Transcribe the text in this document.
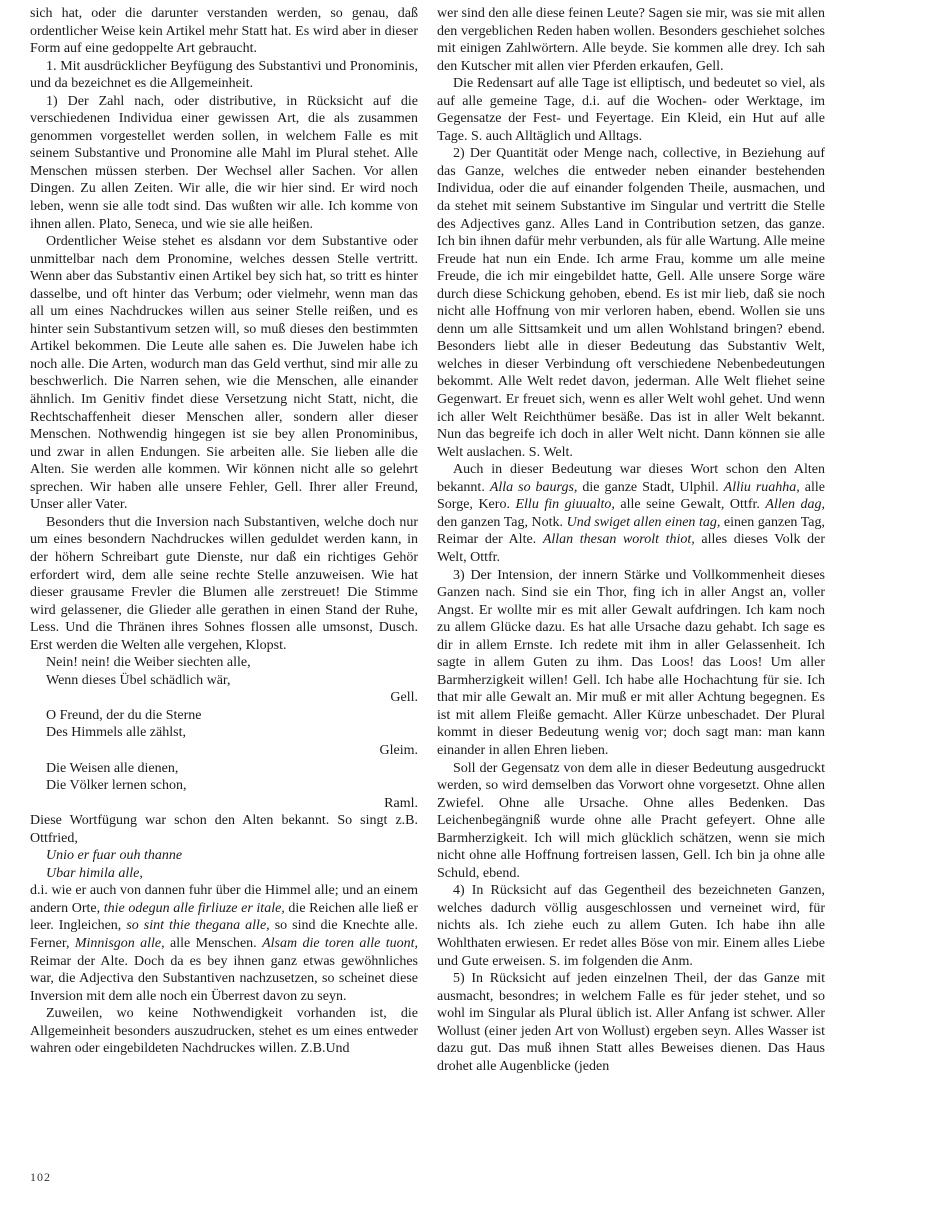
sich hat, oder die darunter verstanden werden, so genau, daß ordentlicher Weise kein Artikel mehr Statt hat. Es wird aber in dieser Form auf eine gedoppelte Art gebraucht.

1. Mit ausdrücklicher Beyfügung des Substantivi und Pronominis, und da bezeichnet es die Allgemeinheit.

1) Der Zahl nach, oder distributive, in Rücksicht auf die verschiedenen Individua einer gewissen Art, die als zusammen genommen vorgestellet werden sollen, in welchem Falle es mit seinem Substantive und Pronomine alle Mahl im Plural stehet. Alle Menschen müssen sterben. Der Wechsel aller Sachen. Vor allen Dingen. Zu allen Zeiten. Wir alle, die wir hier sind. Er wird noch leben, wenn sie alle todt sind. Das wußten wir alle. Ich komme von ihnen allen. Plato, Seneca, und wie sie alle heißen.

Ordentlicher Weise stehet es alsdann vor dem Substantive oder unmittelbar nach dem Pronomine, welches dessen Stelle vertritt. Wenn aber das Substantiv einen Artikel bey sich hat, so tritt es hinter dasselbe, und oft hinter das Verbum; oder vielmehr, wenn man das all um eines Nachdruckes willen aus seiner Stelle reißen, und es hinter sein Substantivum setzen will, so muß dieses den bestimmten Artikel bekommen. Die Leute alle sahen es. Die Juwelen habe ich noch alle. Die Arten, wodurch man das Geld verthut, sind mir alle zu beschwerlich. Die Narren sehen, wie die Menschen, alle einander ähnlich. Im Genitiv findet diese Versetzung nicht Statt, nicht, die Rechtschaffenheit dieser Menschen aller, sondern aller dieser Menschen. Nothwendig hingegen ist sie bey allen Pronominibus, und zwar in allen Endungen. Sie arbeiten alle. Sie lieben alle die Alten. Sie werden alle kommen. Wir können nicht alle so gelehrt sprechen. Wir haben alle unsere Fehler, Gell. Ihrer aller Freund, Unser aller Vater.

Besonders thut die Inversion nach Substantiven, welche doch nur um eines besondern Nachdruckes willen geduldet werden kann, in der höhern Schreibart gute Dienste, nur daß ein richtiges Gehör erfordert wird, dem alle seine rechte Stelle anzuweisen. Wie hat dieser grausame Frevler die Blumen alle zerstreuet! Die Stimme wird gelassener, die Glieder alle gerathen in einen Stand der Ruhe, Less. Und die Thränen ihres Sohnes flossen alle umsonst, Dusch. Erst werden die Welten alle vergehen, Klopst.

Nein! nein! die Weiber siechten alle,
Wenn dieses Übel schädlich wär,
Gell.
O Freund, der du die Sterne
Des Himmels alle zählst,
Gleim.
Die Weisen alle dienen,
Die Völker lernen schon,
Raml.

Diese Wortfügung war schon den Alten bekannt. So singt z.B. Ottfried,

Unio er fuar ouh thanne
Ubar himila alle,

d.i. wie er auch von dannen fuhr über die Himmel alle; und an einem andern Orte, thie odegun alle firliuze er itale, die Reichen alle ließ er leer. Ingleichen, so sint thie thegana alle, so sind die Knechte alle. Ferner, Minnisgon alle, alle Menschen. Alsam die toren alle tuont, Reimar der Alte. Doch da es bey ihnen ganz etwas gewöhnliches war, die Adjectiva den Substantiven nachzusetzen, so scheinet diese Inversion mit dem alle noch ein Überrest davon zu seyn.

Zuweilen, wo keine Nothwendigkeit vorhanden ist, die Allgemeinheit besonders auszudrucken, stehet es um eines entweder wahren oder eingebildeten Nachdruckes willen. Z.B.Und

wer sind den alle diese feinen Leute? Sagen sie mir, was sie mit allen den vergeblichen Reden haben wollen. Besonders geschiehet solches mit einigen Zahlwörtern. Alle beyde. Sie kommen alle drey. Ich sah den Kutscher mit allen vier Pferden erkaufen, Gell.

Die Redensart auf alle Tage ist elliptisch, und bedeutet so viel, als auf alle gemeine Tage, d.i. auf die Wochen- oder Werktage, im Gegensatze der Fest- und Feyertage. Ein Kleid, ein Hut auf alle Tage. S. auch Alltäglich und Alltags.

2) Der Quantität oder Menge nach, collective, in Beziehung auf das Ganze, welches die entweder neben einander bestehenden Individua, oder die auf einander folgenden Theile, ausmachen, und da stehet mit seinem Substantive im Singular und vertritt die Stelle des Adjectives ganz. Alles Land in Contribution setzen, das ganze. Ich bin ihnen dafür mehr verbunden, als für alle Wartung. Alle meine Freude hat nun ein Ende. Ich arme Frau, komme um alle meine Freude, die ich mir eingebildet hatte, Gell. Alle unsere Sorge wäre durch diese Schickung gehoben, ebend. Es ist mir lieb, daß sie noch nicht alle Hoffnung von mir verloren haben, ebend. Wollen sie uns denn um alle Sittsamkeit und um allen Wohlstand bringen? ebend. Besonders liebt alle in dieser Bedeutung das Substantiv Welt, welches in dieser Verbindung oft verschiedene Nebenbedeutungen bekommt. Alle Welt redet davon, jederman. Alle Welt fliehet seine Gegenwart. Er freuet sich, wenn es aller Welt wohl gehet. Und wenn ich aller Welt Reichthümer besäße. Das ist in aller Welt bekannt. Nun das begreife ich doch in aller Welt nicht. Dann können sie alle Welt auslachen. S. Welt.

Auch in dieser Bedeutung war dieses Wort schon den Alten bekannt. Alla so baurgs, die ganze Stadt, Ulphil. Alliu ruahha, alle Sorge, Kero. Ellu fin giuualto, alle seine Gewalt, Ottfr. Allen dag, den ganzen Tag, Notk. Und swiget allen einen tag, einen ganzen Tag, Reimar der Alte. Allan thesan worolt thiot, alles dieses Volk der Welt, Ottfr.

3) Der Intension, der innern Stärke und Vollkommenheit dieses Ganzen nach. Sind sie ein Thor, fing ich in aller Angst an, voller Angst. Er wollte mir es mit aller Gewalt aufdringen. Ich kam noch zu allem Glücke dazu. Es hat alle Ursache dazu gehabt. Ich sage es dir in allem Ernste. Ich redete mit ihm in aller Gelassenheit. Ich sagte in allem Guten zu ihm. Das Loos! das Loos! Um aller Barmherzigkeit willen! Gell. Ich habe alle Hochachtung für sie. Ich that mir alle Gewalt an. Mir muß er mit aller Achtung begegnen. Es ist mit allem Fleiße gemacht. Aller Kürze unbeschadet. Der Plural kommt in dieser Bedeutung wenig vor; doch sagt man: man kann einander in allen Ehren lieben.

Soll der Gegensatz von dem alle in dieser Bedeutung ausgedruckt werden, so wird demselben das Vorwort ohne vorgesetzt. Ohne allen Zwiefel. Ohne alle Ursache. Ohne alles Bedenken. Das Leichenbegängniß wurde ohne alle Pracht gefeyert. Ohne alle Barmherzigkeit. Ich will mich glücklich schätzen, wenn sie mich nicht ohne alle Hoffnung fortreisen lassen, Gell. Ich bin ja ohne alle Schuld, ebend.

4) In Rücksicht auf das Gegentheil des bezeichneten Ganzen, welches dadurch völlig ausgeschlossen und verneinet wird, für nichts als. Ich ziehe euch zu allem Guten. Ich habe ihn alle Wohlthaten erwiesen. Er redet alles Böse von mir. Einem alles Liebe und Gute erweisen. S. im folgenden die Anm.

5) In Rücksicht auf jeden einzelnen Theil, der das Ganze mit ausmacht, besondres; in welchem Falle es für jeder stehet, und so wohl im Singular als Plural üblich ist. Aller Anfang ist schwer. Aller Wollust (einer jeden Art von Wollust) ergeben seyn. Alles Wasser ist dazu gut. Das muß ihnen Statt alles Beweises dienen. Das Haus drohet alle Augenblicke (jeden

102
